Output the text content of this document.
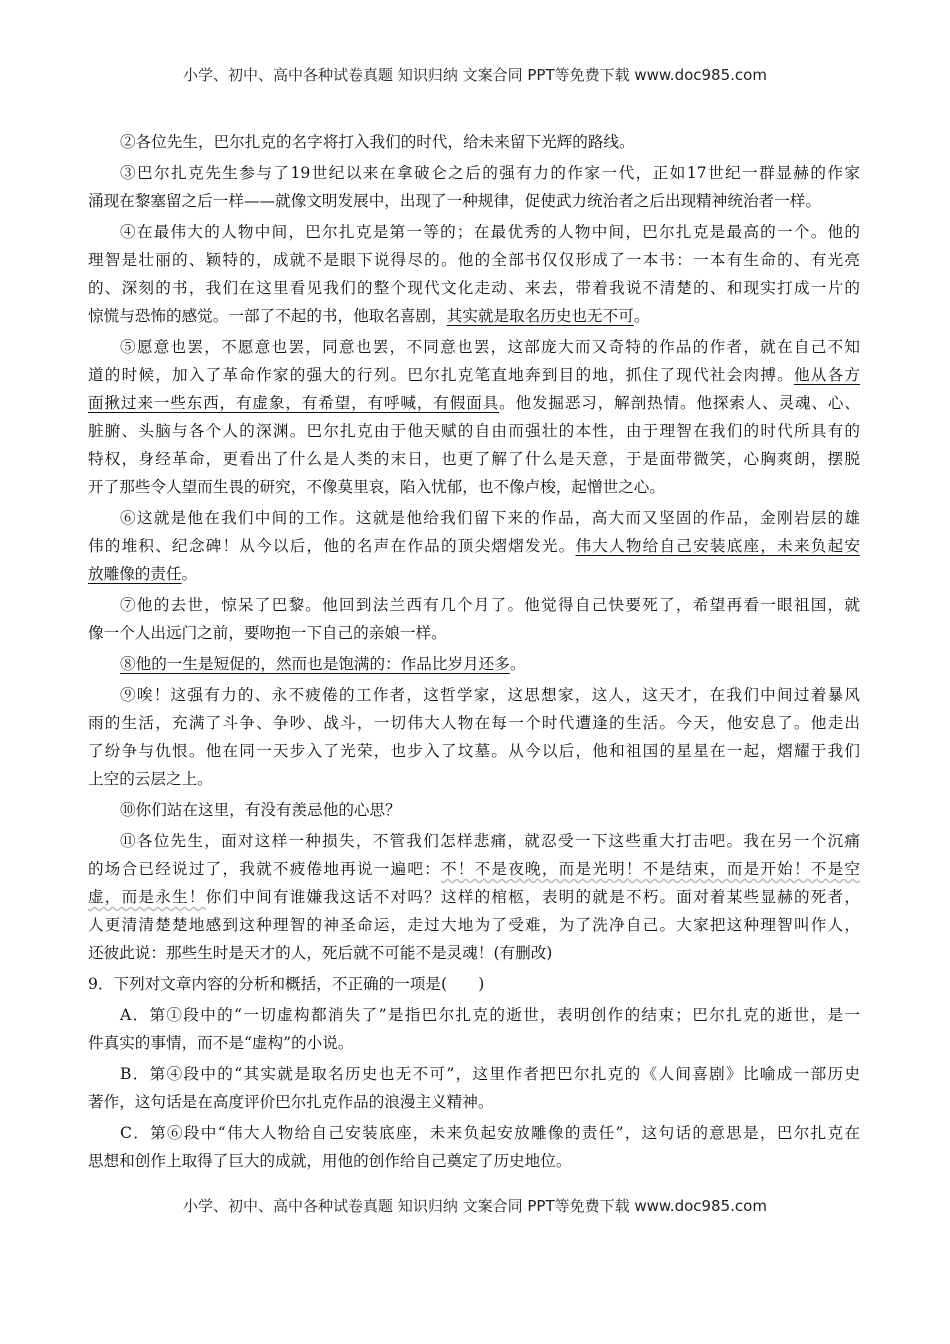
小学、初中、高中各种试卷真题 知识归纳 文案合同 PPT等免费下载 www.doc985.com
②各位先生，巴尔扎克的名字将打入我们的时代，给未来留下光辉的路线。
③巴尔扎克先生参与了19世纪以来在拿破仑之后的强有力的作家一代，正如17世纪一群显赫的作家
涌现在黎塞留之后一样——就像文明发展中，出现了一种规律，促使武力统治者之后出现精神统治者一样。
④在最伟大的人物中间，巴尔扎克是第一等的；在最优秀的人物中间，巴尔扎克是最高的一个。他的
理智是壮丽的、颖特的，成就不是眼下说得尽的。他的全部书仅仅形成了一本书：一本有生命的、有光亮
的、深刻的书，我们在这里看见我们的整个现代文化走动、来去，带着我说不清楚的、和现实打成一片的
惊慌与恐怖的感觉。一部了不起的书，他取名喜剧，其实就是取名历史也无不可。
⑤愿意也罢，不愿意也罢，同意也罢，不同意也罢，这部庞大而又奇特的作品的作者，就在自己不知
道的时候，加入了革命作家的强大的行列。巴尔扎克笔直地奔到目的地，抓住了现代社会肉搏。他从各方
面揪过来一些东西，有虚象，有希望，有呼喊，有假面具。他发掘恶习，解剖热情。他探索人、灵魂、心、
脏腑、头脑与各个人的深渊。巴尔扎克由于他天赋的自由而强壮的本性，由于理智在我们的时代所具有的
特权，身经革命，更看出了什么是人类的末日，也更了解了什么是天意，于是面带微笑，心胸爽朗，摆脱
开了那些令人望而生畏的研究，不像莫里哀，陷入忧郁，也不像卢梭，起憎世之心。
⑥这就是他在我们中间的工作。这就是他给我们留下来的作品，高大而又坚固的作品，金刚岩层的雄
伟的堆积、纪念碑！从今以后，他的名声在作品的顶尖熠熠发光。伟大人物给自己安装底座，未来负起安
放雕像的责任。
⑦他的去世，惊呆了巴黎。他回到法兰西有几个月了。他觉得自己快要死了，希望再看一眼祖国，就
像一个人出远门之前，要吻抱一下自己的亲娘一样。
⑧他的一生是短促的，然而也是饱满的：作品比岁月还多。
⑨唉！这强有力的、永不疲倦的工作者，这哲学家，这思想家，这人，这天才，在我们中间过着暴风
雨的生活，充满了斗争、争吵、战斗，一切伟大人物在每一个时代遭逢的生活。今天，他安息了。他走出
了纷争与仇恨。他在同一天步入了光荣，也步入了坟墓。从今以后，他和祖国的星星在一起，熠耀于我们
上空的云层之上。
⑩你们站在这里，有没有羡忌他的心思？
⑪各位先生，面对这样一种损失，不管我们怎样悲痛，就忍受一下这些重大打击吧。我在另一个沉痛
的场合已经说过了，我就不疲倦地再说一遍吧：不！不是夜晚，而是光明！不是结束，而是开始！不是空
虚，而是永生！你们中间有谁嫌我这话不对吗？这样的棺柩，表明的就是不朽。面对着某些显赫的死者，
人更清清楚楚地感到这种理智的神圣命运，走过大地为了受难，为了洗净自己。大家把这种理智叫作人，
还彼此说：那些生时是天才的人，死后就不可能不是灵魂！(有删改)
9．下列对文章内容的分析和概括，不正确的一项是(　　)
A．第①段中的“一切虚构都消失了”是指巴尔扎克的逝世，表明创作的结束；巴尔扎克的逝世，是一
件真实的事情，而不是“虚构”的小说。
B．第④段中的“其实就是取名历史也无不可”，这里作者把巴尔扎克的《人间喜剧》比喻成一部历史
著作，这句话是在高度评价巴尔扎克作品的浪漫主义精神。
C．第⑥段中“伟大人物给自己安装底座，未来负起安放雕像的责任”，这句话的意思是，巴尔扎克在
思想和创作上取得了巨大的成就，用他的创作给自己奠定了历史地位。
小学、初中、高中各种试卷真题 知识归纳 文案合同 PPT等免费下载 www.doc985.com
